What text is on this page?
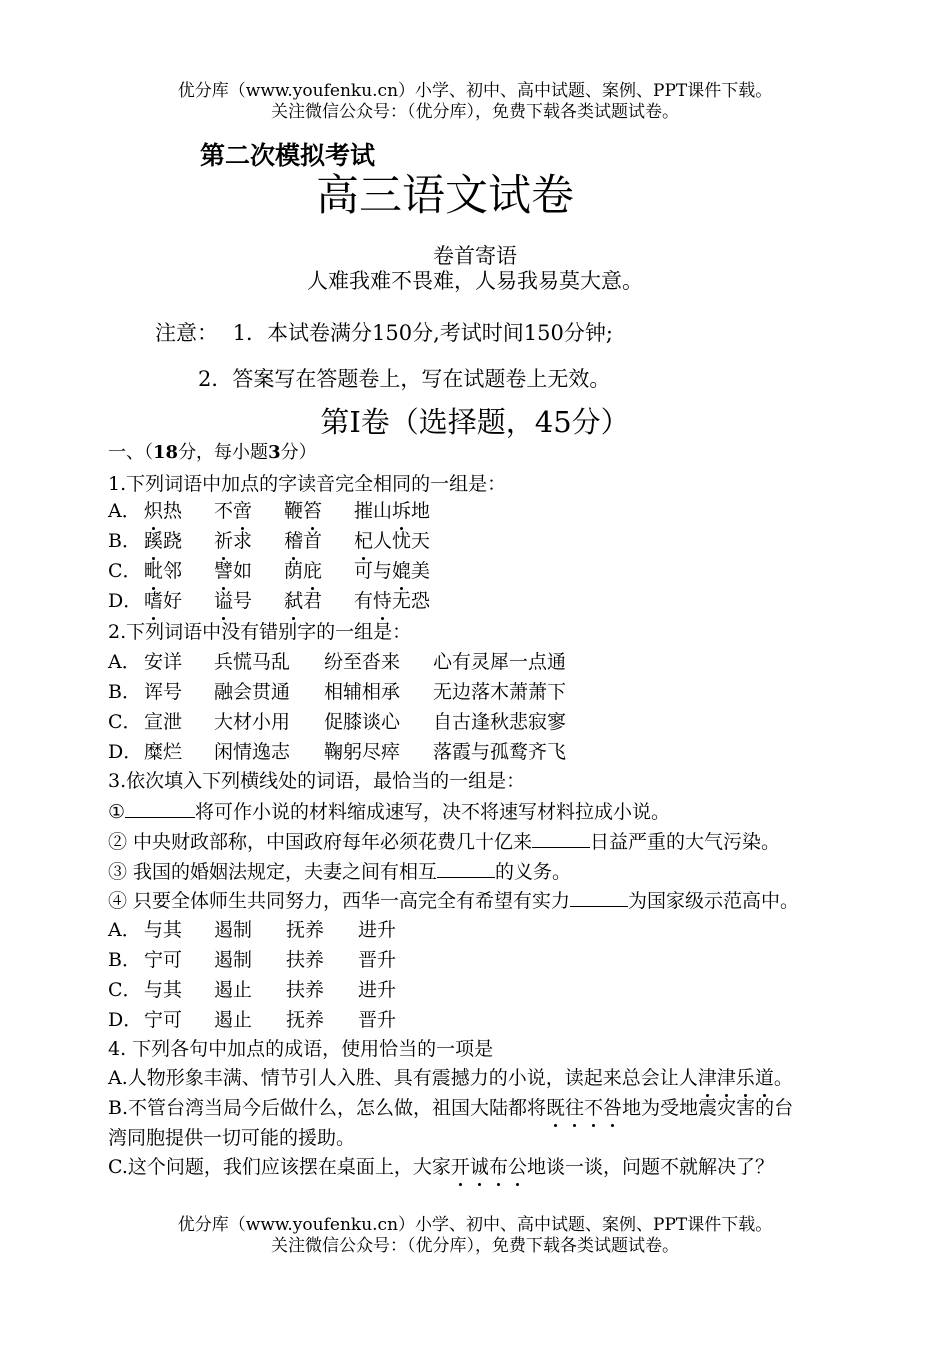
优分库（www.youfenku.cn）小学、初中、高中试题、案例、PPT课件下载。
关注微信公众号：（优分库），免费下载各类试题试卷。
第二次模拟考试
高三语文试卷
卷首寄语
人难我难不畏难，人易我易莫大意。
注意： 1．本试卷满分150分,考试时间150分钟;
2．答案写在答题卷上，写在试题卷上无效。
第Ⅰ卷（选择题，45分）
一、（18分，每小题3分）
1.下列词语中加点的字读音完全相同的一组是：
A． 炽热 不啻 鞭笞 摧山坼地
B． 蹊跷 祈求 稽首 杞人忧天
C． 毗邻 譬如 荫庇 可与媲美
D．嗜好 谥号 弑君 有恃无恐
2.下列词语中没有错别字的一组是：
A． 安详 兵慌马乱 纷至沓来 心有灵犀一点通
B． 诨号 融会贯通 相辅相承 无边落木萧萧下
C． 宣泄 大材小用 促膝谈心 自古逢秋悲寂寥
D．糜烂 闲情逸志 鞠躬尽瘁 落霞与孤鹜齐飞
3.依次填入下列横线处的词语，最恰当的一组是：
①	将可作小说的材料缩成速写，决不将速写材料拉成小说。
② 中央财政部称，中国政府每年必须花费几十亿来	日益严重的大气污染。
③ 我国的婚姻法规定，夫妻之间有相互	的义务。
④ 只要全体师生共同努力，西华一高完全有希望有实力	为国家级示范高中。
A． 与其 遏制 抚养 进升
B． 宁可 遏制 扶养 晋升
C． 与其 遏止 扶养 进升
D．宁可 遏止 抚养 晋升
4. 下列各句中加点的成语，使用恰当的一项是
A.人物形象丰满、情节引人入胜、具有震撼力的小说，读起来总会让人津津乐道。
B.不管台湾当局今后做什么，怎么做，祖国大陆都将既往不咎地为受地震灾害的台
湾同胞提供一切可能的援助。
C.这个问题，我们应该摆在桌面上，大家开诚布公地谈一谈，问题不就解决了？
优分库（www.youfenku.cn）小学、初中、高中试题、案例、PPT课件下载。
关注微信公众号：（优分库），免费下载各类试题试卷。
